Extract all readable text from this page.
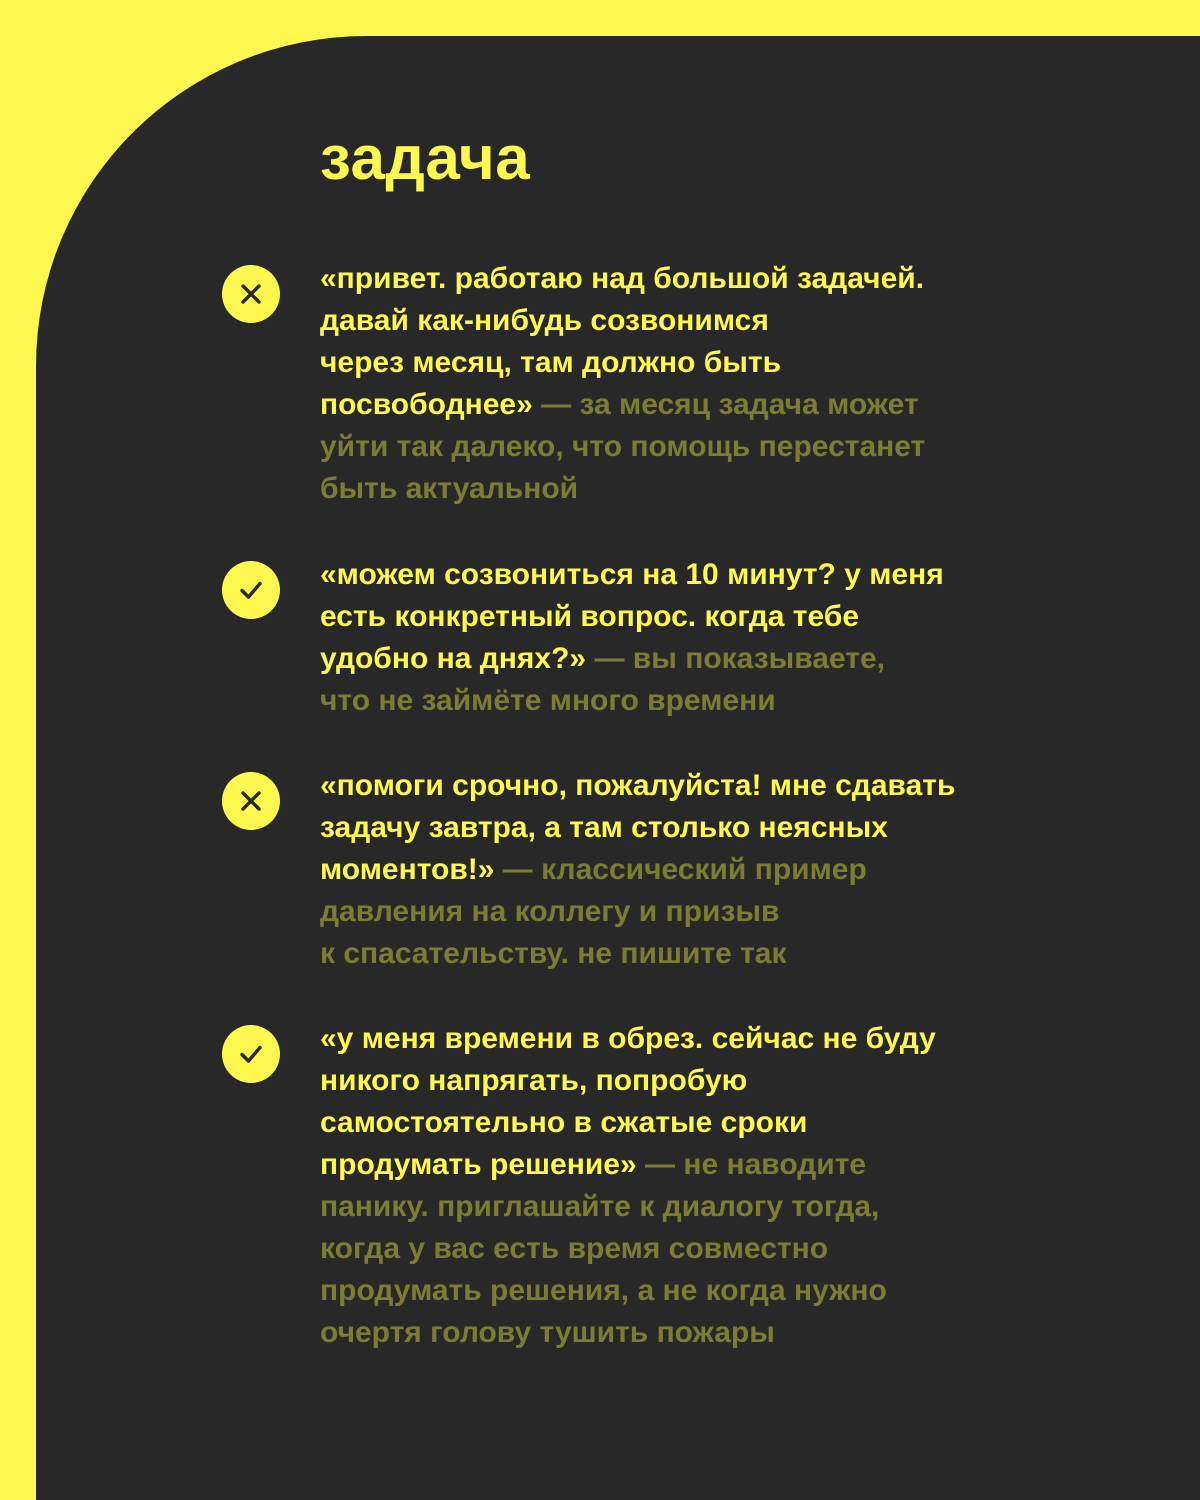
задача

«привет. работаю над большой задачей.
давай как-нибудь созвонимся
через месяц, там должно быть
посвободнее» — за месяц задача может
уйти так далеко, что помощь перестанет
быть актуальной

«можем созвониться на 10 минут? у меня
есть конкретный вопрос. когда тебе
удобно на днях?» — вы показываете,
что не займёте много времени

«помоги срочно, пожалуйста! мне сдавать
задачу завтра, а там столько неясных
моментов!» — классический пример
давления на коллегу и призыв
к спасательству. не пишите так

«у меня времени в обрез. сейчас не буду
никого напрягать, попробую
самостоятельно в сжатые сроки
продумать решение» — не наводите
панику. приглашайте к диалогу тогда,
когда у вас есть время совместно
продумать решения, а не когда нужно
очертя голову тушить пожары
